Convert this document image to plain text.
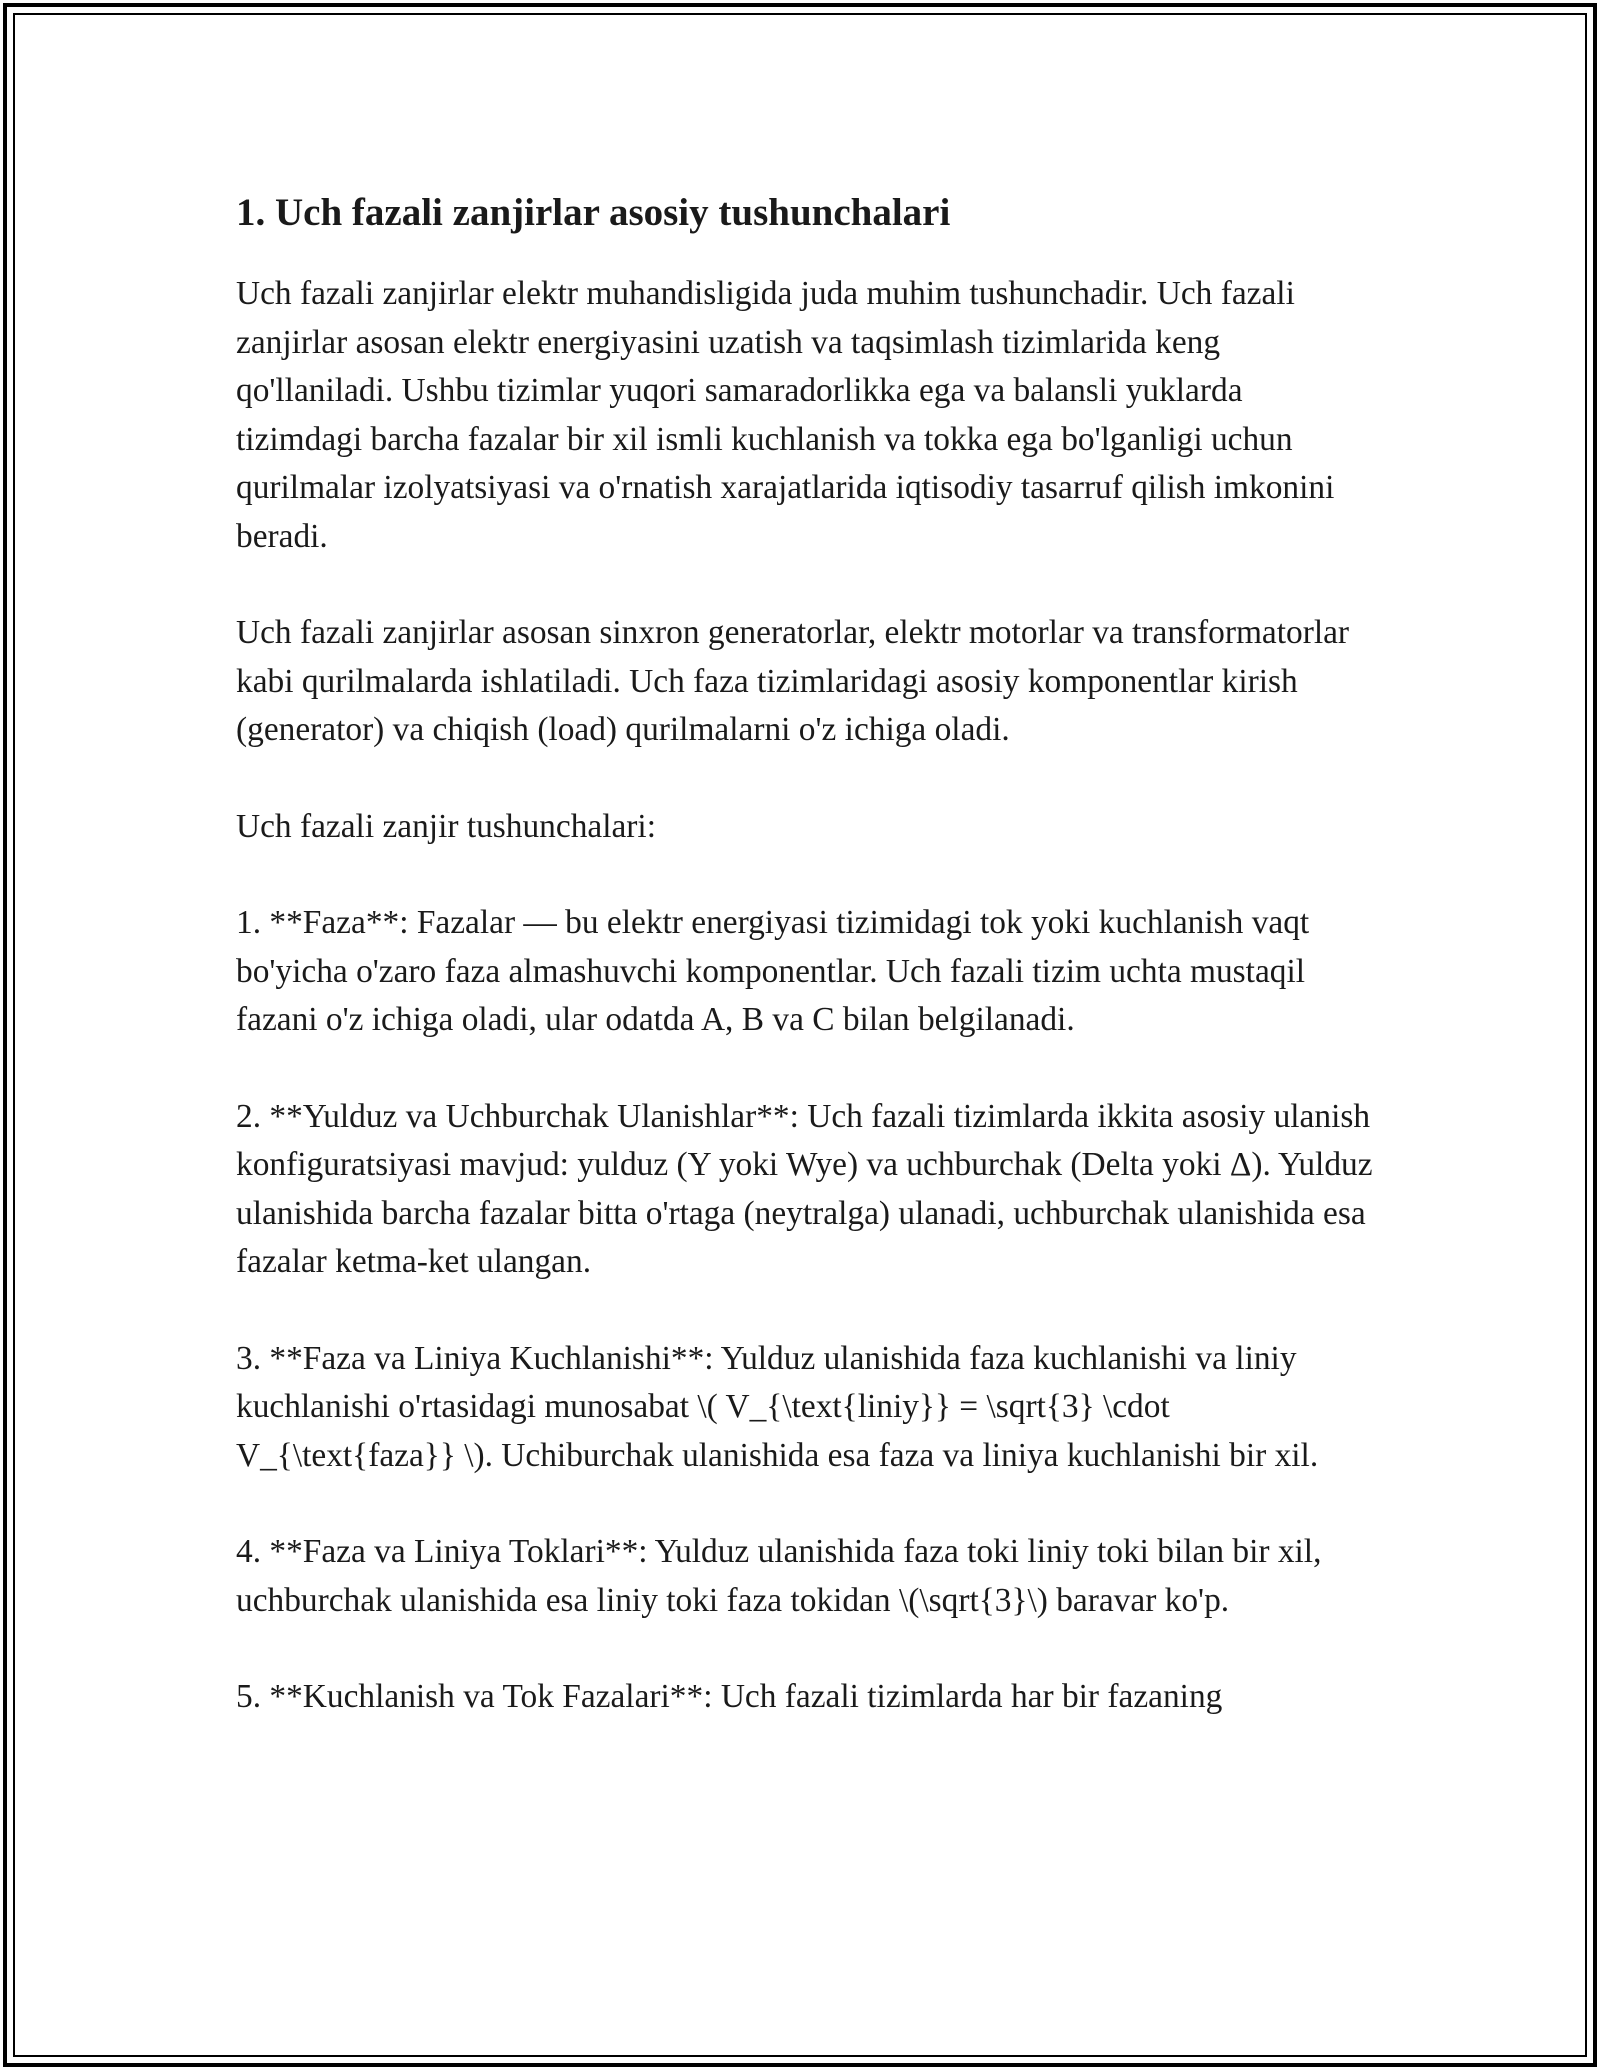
1. Uch fazali zanjirlar asosiy tushunchalari

Uch fazali zanjirlar elektr muhandisligida juda muhim tushunchadir. Uch fazali zanjirlar asosan elektr energiyasini uzatish va taqsimlash tizimlarida keng qo'llaniladi. Ushbu tizimlar yuqori samaradorlikka ega va balansli yuklarda tizimdagi barcha fazalar bir xil ismli kuchlanish va tokka ega bo'lganligi uchun qurilmalar izolyatsiyasi va o'rnatish xarajatlarida iqtisodiy tasarruf qilish imkonini beradi.

Uch fazali zanjirlar asosan sinxron generatorlar, elektr motorlar va transformatorlar kabi qurilmalarda ishlatiladi. Uch faza tizimlaridagi asosiy komponentlar kirish (generator) va chiqish (load) qurilmalarni o'z ichiga oladi.

Uch fazali zanjir tushunchalari:

1. **Faza**: Fazalar — bu elektr energiyasi tizimidagi tok yoki kuchlanish vaqt bo'yicha o'zaro faza almashuvchi komponentlar. Uch fazali tizim uchta mustaqil fazani o'z ichiga oladi, ular odatda A, B va C bilan belgilanadi.

2. **Yulduz va Uchburchak Ulanishlar**: Uch fazali tizimlarda ikkita asosiy ulanish konfiguratsiyasi mavjud: yulduz (Y yoki Wye) va uchburchak (Delta yoki Δ). Yulduz ulanishida barcha fazalar bitta o'rtaga (neytralga) ulanadi, uchburchak ulanishida esa fazalar ketma-ket ulangan.

3. **Faza va Liniya Kuchlanishi**: Yulduz ulanishida faza kuchlanishi va liniy kuchlanishi o'rtasidagi munosabat \( V_{\text{liniy}} = \sqrt{3} \cdot V_{\text{faza}} \). Uchiburchak ulanishida esa faza va liniya kuchlanishi bir xil.

4. **Faza va Liniya Toklari**: Yulduz ulanishida faza toki liniy toki bilan bir xil, uchburchak ulanishida esa liniy toki faza tokidan \(\sqrt{3}\) baravar ko'p.

5. **Kuchlanish va Tok Fazalari**: Uch fazali tizimlarda har bir fazaning
